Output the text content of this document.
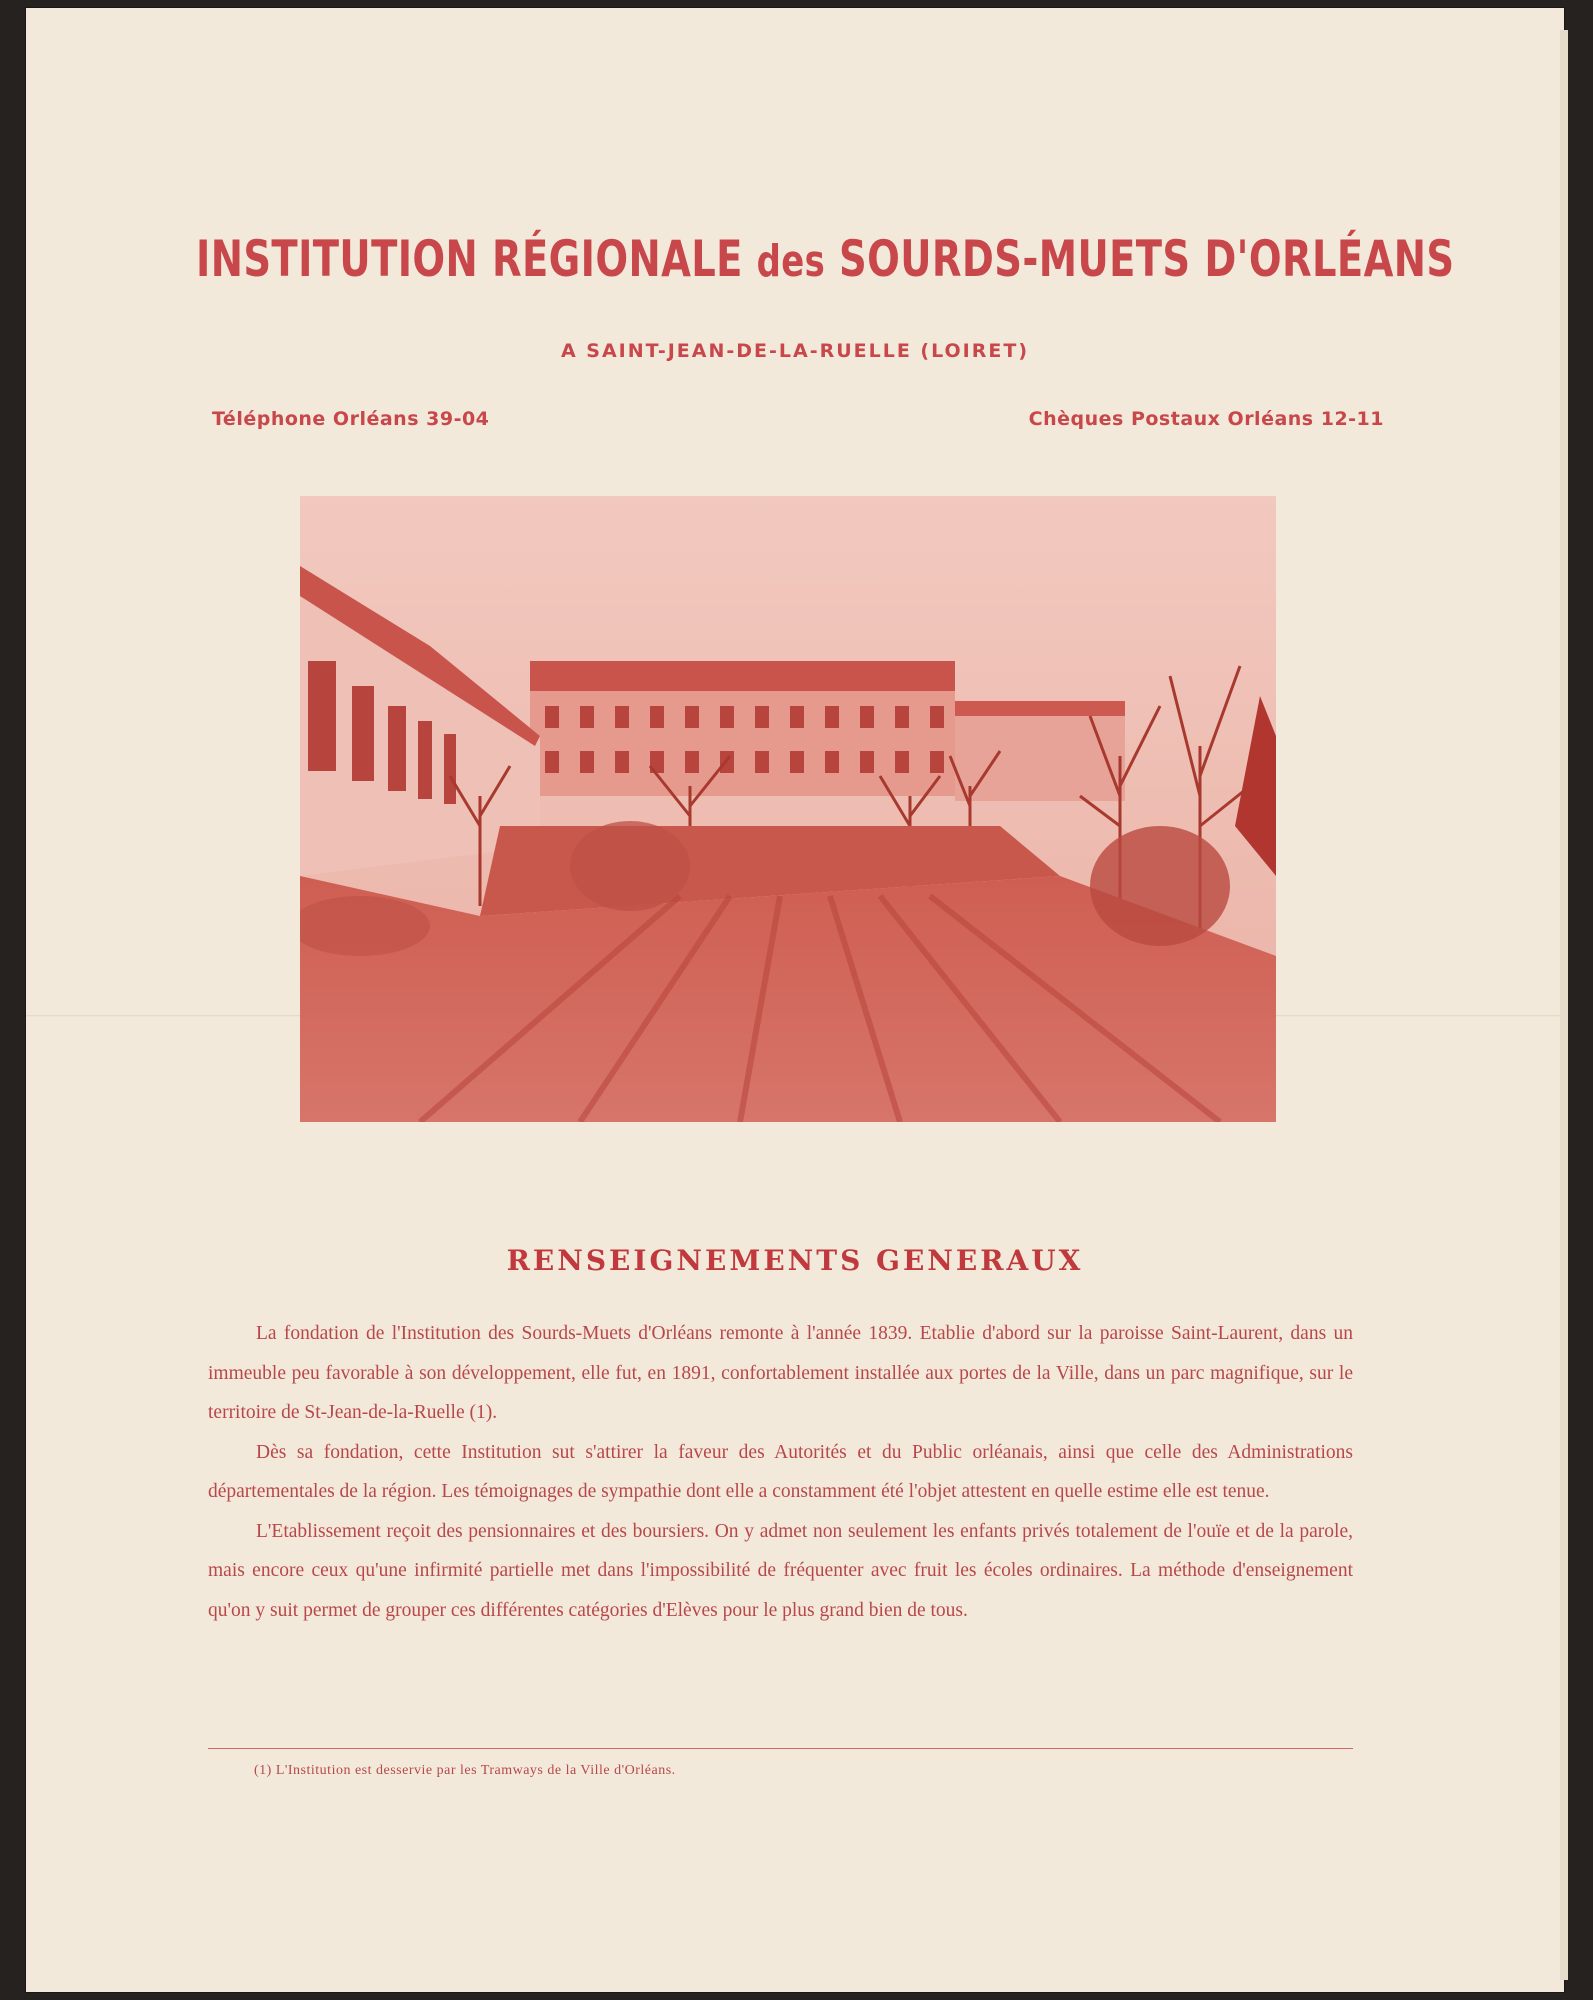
INSTITUTION RÉGIONALE des SOURDS-MUETS D'ORLÉANS
A SAINT-JEAN-DE-LA-RUELLE (LOIRET)
Téléphone Orléans 39-04	Chèques Postaux Orléans 12-11
RENSEIGNEMENTS GENERAUX

La fondation de l'Institution des Sourds-Muets d'Orléans remonte à l'année 1839. Etablie d'abord sur la paroisse Saint-Laurent, dans un immeuble peu favorable à son développement, elle fut, en 1891, confortablement installée aux portes de la Ville, dans un parc magnifique, sur le territoire de St-Jean-de-la-Ruelle (1).

Dès sa fondation, cette Institution sut s'attirer la faveur des Autorités et du Public orléanais, ainsi que celle des Administrations départementales de la région. Les témoignages de sympathie dont elle a constamment été l'objet attestent en quelle estime elle est tenue.

L'Etablissement reçoit des pensionnaires et des boursiers. On y admet non seulement les enfants privés totalement de l'ouïe et de la parole, mais encore ceux qu'une infirmité partielle met dans l'impossibilité de fréquenter avec fruit les écoles ordinaires. La méthode d'enseignement qu'on y suit permet de grouper ces différentes catégories d'Elèves pour le plus grand bien de tous.

(1) L'Institution est desservie par les Tramways de la Ville d'Orléans.
